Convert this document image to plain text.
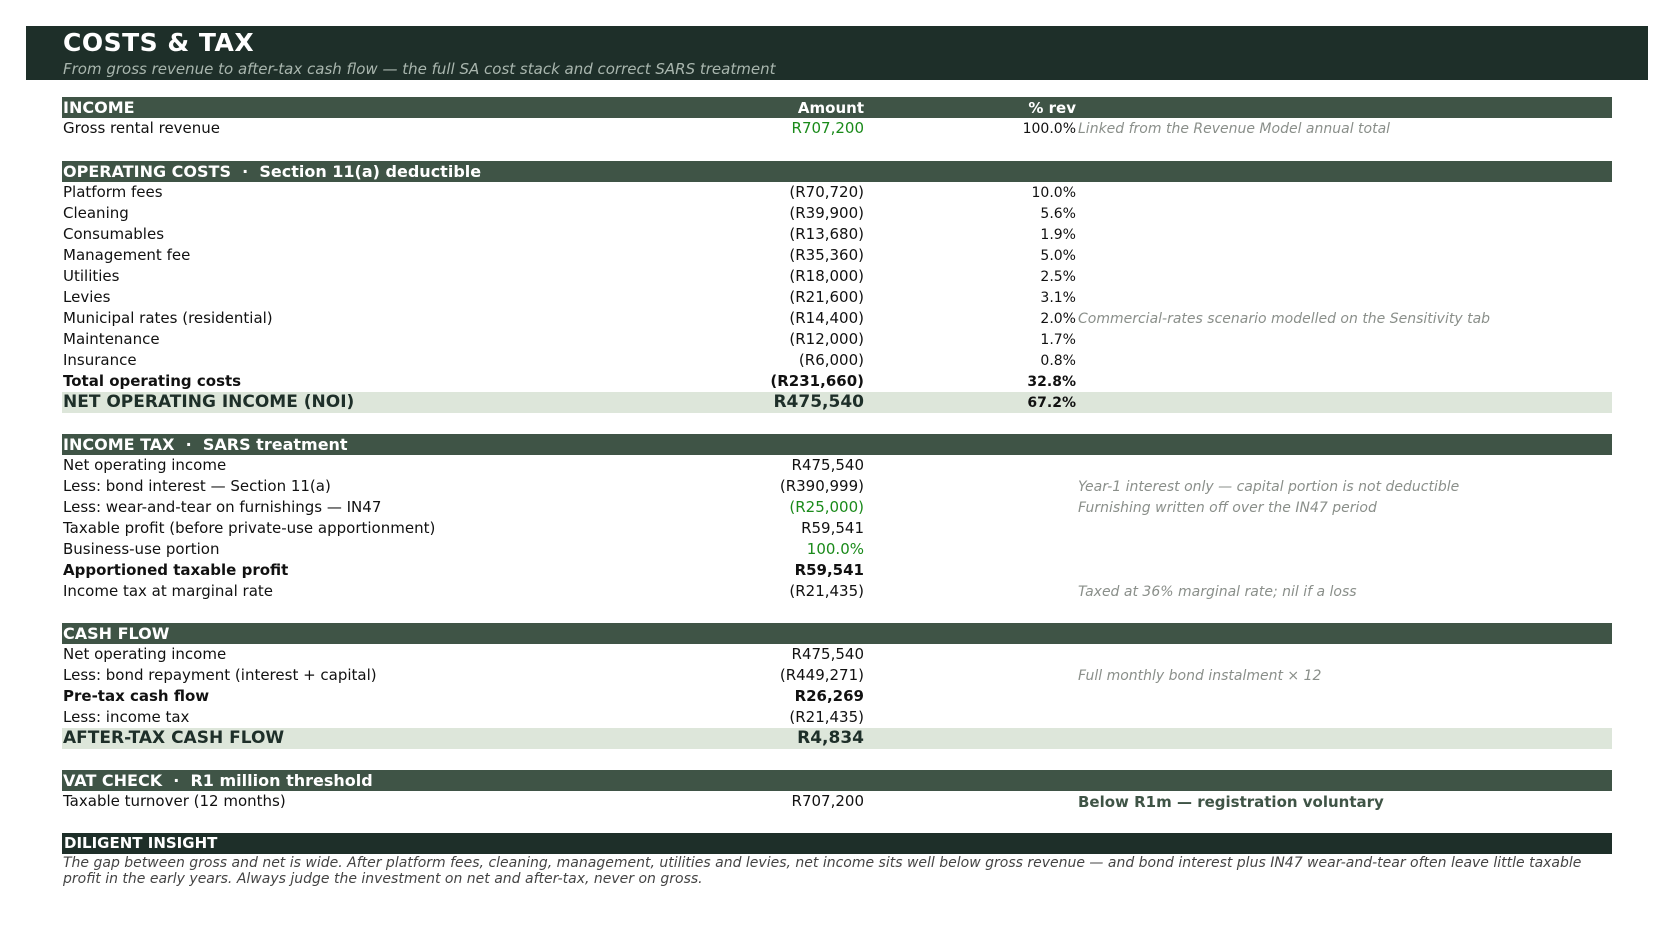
COSTS & TAX
From gross revenue to after-tax cash flow — the full SA cost stack and correct SARS treatment
INCOME	Amount	% rev
Gross rental revenue	R707,200	100.0% Linked from the Revenue Model annual total
OPERATING COSTS  ·  Section 11(a) deductible
Platform fees	(R70,720)	10.0%
Cleaning	(R39,900)	5.6%
Consumables	(R13,680)	1.9%
Management fee	(R35,360)	5.0%
Utilities	(R18,000)	2.5%
Levies	(R21,600)	3.1%
Municipal rates (residential)	(R14,400)	2.0% Commercial-rates scenario modelled on the Sensitivity tab
Maintenance	(R12,000)	1.7%
Insurance	(R6,000)	0.8%
Total operating costs	(R231,660)	32.8%
NET OPERATING INCOME (NOI)	R475,540	67.2%
INCOME TAX  ·  SARS treatment
Net operating income	R475,540
Less: bond interest — Section 11(a)	(R390,999)	Year-1 interest only — capital portion is not deductible
Less: wear-and-tear on furnishings — IN47	(R25,000)	Furnishing written off over the IN47 period
Taxable profit (before private-use apportionment)	R59,541
Business-use portion	100.0%
Apportioned taxable profit	R59,541
Income tax at marginal rate	(R21,435)	Taxed at 36% marginal rate; nil if a loss
CASH FLOW
Net operating income	R475,540
Less: bond repayment (interest + capital)	(R449,271)	Full monthly bond instalment × 12
Pre-tax cash flow	R26,269
Less: income tax	(R21,435)
AFTER-TAX CASH FLOW	R4,834
VAT CHECK  ·  R1 million threshold
Taxable turnover (12 months)	R707,200	Below R1m — registration voluntary
DILIGENT INSIGHT
The gap between gross and net is wide. After platform fees, cleaning, management, utilities and levies, net income sits well below gross revenue — and bond interest plus IN47 wear-and-tear often leave little taxable profit in the early years. Always judge the investment on net and after-tax, never on gross.
